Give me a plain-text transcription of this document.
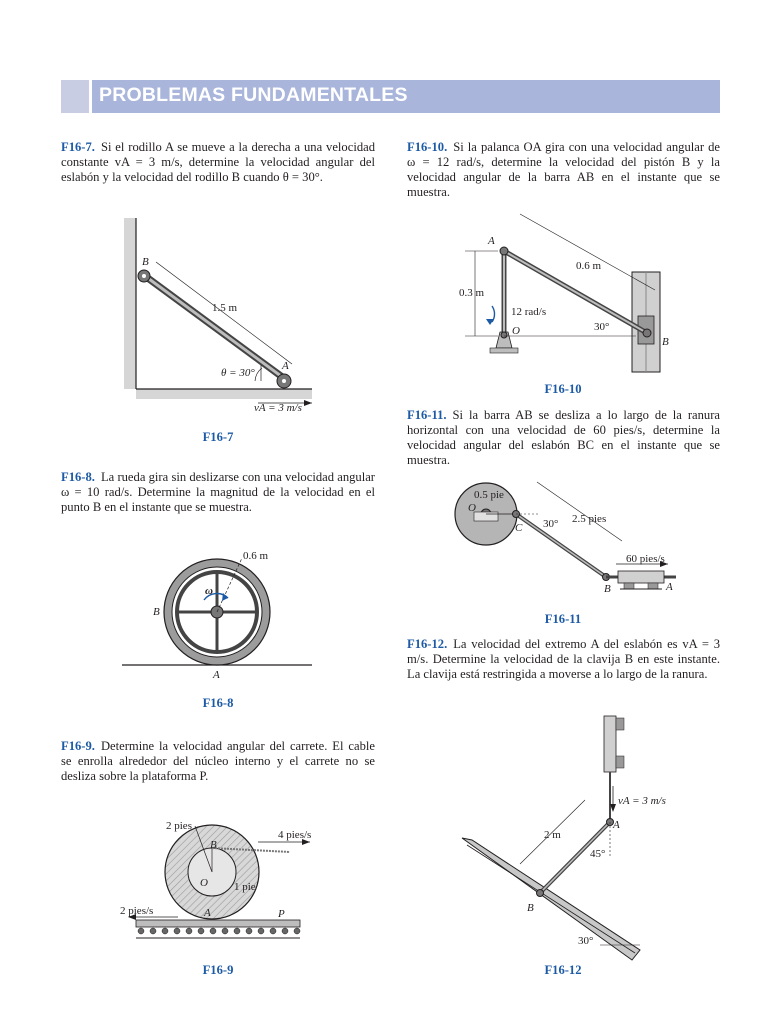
PROBLEMAS FUNDAMENTALES
F16-7. Si el rodillo A se mueve a la derecha a una velocidad constante vA = 3 m/s, determine la velocidad angular del eslabón y la velocidad del rodillo B cuando θ = 30°.
F16-8. La rueda gira sin deslizarse con una velocidad angular ω = 10 rad/s. Determine la magnitud de la velocidad en el punto B en el instante que se muestra.
F16-9. Determine la velocidad angular del carrete. El cable se enrolla alrededor del núcleo interno y el carrete no se desliza sobre la plataforma P.
F16-10. Si la palanca OA gira con una velocidad angular de ω = 12 rad/s, determine la velocidad del pistón B y la velocidad angular de la barra AB en el instante que se muestra.
F16-11. Si la barra AB se desliza a lo largo de la ranura horizontal con una velocidad de 60 pies/s, determine la velocidad angular del eslabón BC en el instante que se muestra.
F16-12. La velocidad del extremo A del eslabón es vA = 3 m/s. Determine la velocidad de la clavija B en este instante. La clavija está restringida a moverse a lo largo de la ranura.
F16-7
F16-8
F16-9
F16-10
F16-11
F16-12
B
A
1.5 m
θ = 30°
vA = 3 m/s
0.6 m
ω
B
A
2 pies
1 pie
4 pies/s
2 pies/s
B
O
A	P
A
O
B
0.3 m
0.6 m
12 rad/s
30°
0.5 pie
O
C 30° 2.5 pies
60 pies/s
B	A
vA = 3 m/s
A
2 m
45°
B
30°
